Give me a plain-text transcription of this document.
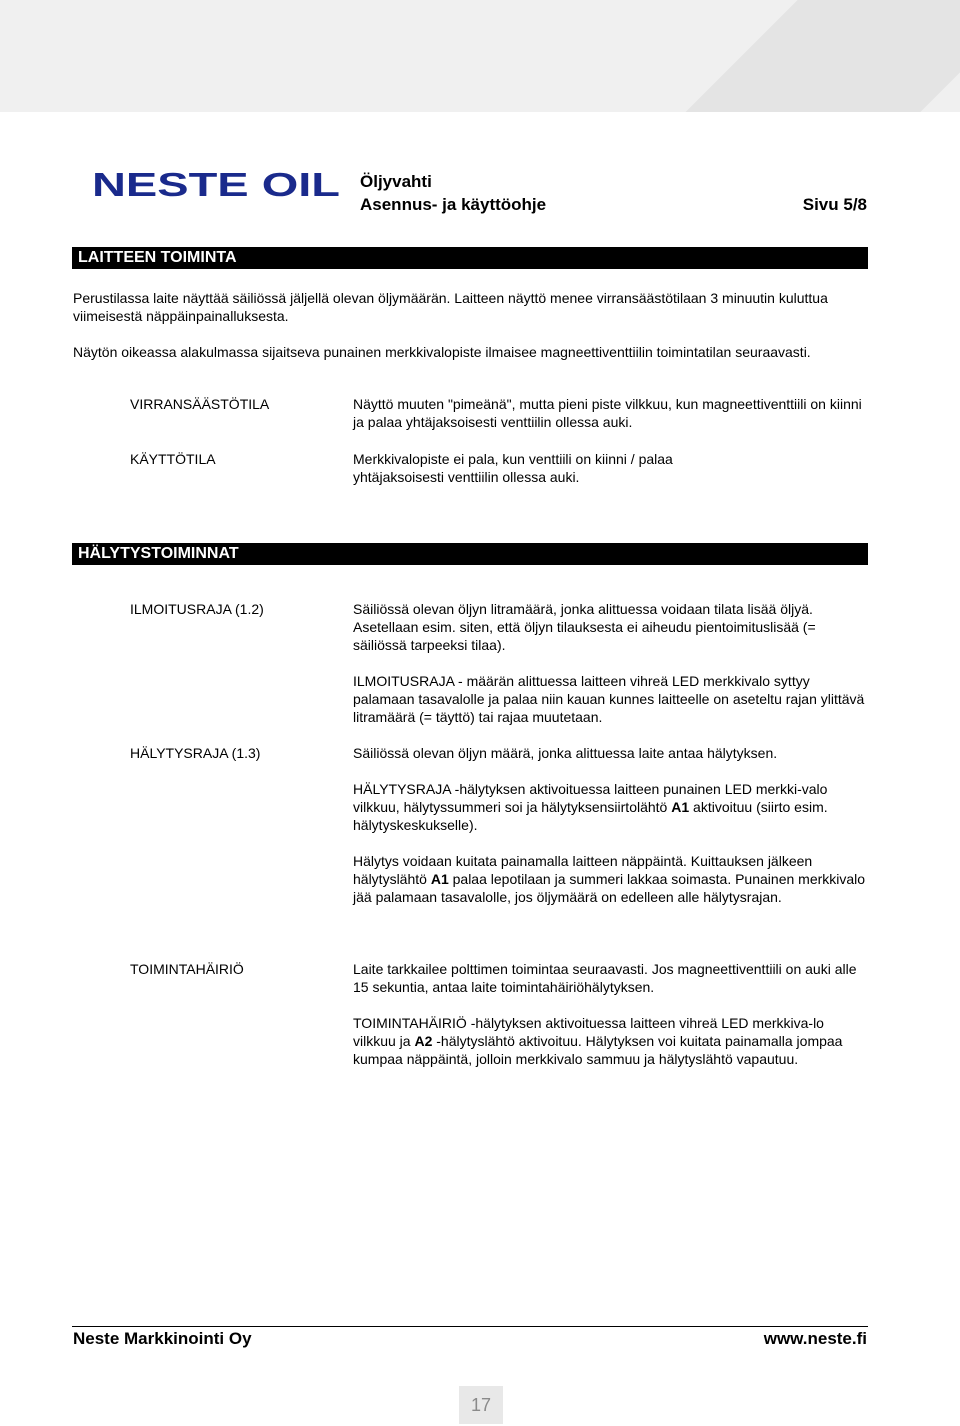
NESTE OIL Öljyvahti
Asennus- ja käyttöohje	Sivu 5/8
LAITTEEN TOIMINTA
Perustilassa laite näyttää säiliössä jäljellä olevan öljymäärän. Laitteen näyttö menee virransäästötilaan 3 minuutin kuluttua viimeisestä näppäinpainalluksesta.
Näytön oikeassa alakulmassa sijaitseva punainen merkkivalopiste ilmaisee magneettiventtiilin toimintatilan seuraavasti.
VIRRANSÄÄSTÖTILA	Näyttö muuten "pimeänä", mutta pieni piste vilkkuu, kun magneettiventtiili on kiinni ja palaa yhtäjaksoisesti venttiilin ollessa auki.
KÄYTTÖTILA	Merkkivalopiste ei pala, kun venttiili on kiinni / palaa yhtäjaksoisesti venttiilin ollessa auki.
HÄLYTYSTOIMINNAT
ILMOITUSRAJA (1.2)	Säiliössä olevan öljyn litramäärä, jonka alittuessa voidaan tilata lisää öljyä. Asetellaan esim. siten, että öljyn tilauksesta ei aiheudu pientoimituslisää (= säiliössä tarpeeksi tilaa).

ILMOITUSRAJA - määrän alittuessa laitteen vihreä LED merkkivalo syttyy palamaan tasavalolle ja palaa niin kauan kunnes laitteelle on aseteltu rajan ylittävä litramäärä (= täyttö) tai rajaa muutetaan.

HÄLYTYSRAJA (1.3)	Säiliössä olevan öljyn määrä, jonka alittuessa laite antaa hälytyksen.

HÄLYTYSRAJA -hälytyksen aktivoituessa laitteen punainen LED merkki-valo vilkkuu, hälytyssummeri soi ja hälytyksensiirtolähtö A1 aktivoituu (siirto esim. hälytyskeskukselle).

Hälytys voidaan kuitata painamalla laitteen näppäintä. Kuittauksen jälkeen hälytyslähtö A1 palaa lepotilaan ja summeri lakkaa soimasta. Punainen merkkivalo jää palamaan tasavalolle, jos öljymäärä on edelleen alle hälytysrajan.

TOIMINTAHÄIRIÖ	Laite tarkkailee polttimen toimintaa seuraavasti. Jos magneettiventtiili on auki alle 15 sekuntia, antaa laite toimintahäiriöhälytyksen.

TOIMINTAHÄIRIÖ -hälytyksen aktivoituessa laitteen vihreä LED merkkiva-lo vilkkuu ja A2 -hälytyslähtö aktivoituu. Hälytyksen voi kuitata painamalla jompaa kumpaa näppäintä, jolloin merkkivalo sammuu ja hälytyslähtö vapautuu.

Neste Markkinointi Oy	www.neste.fi
17
